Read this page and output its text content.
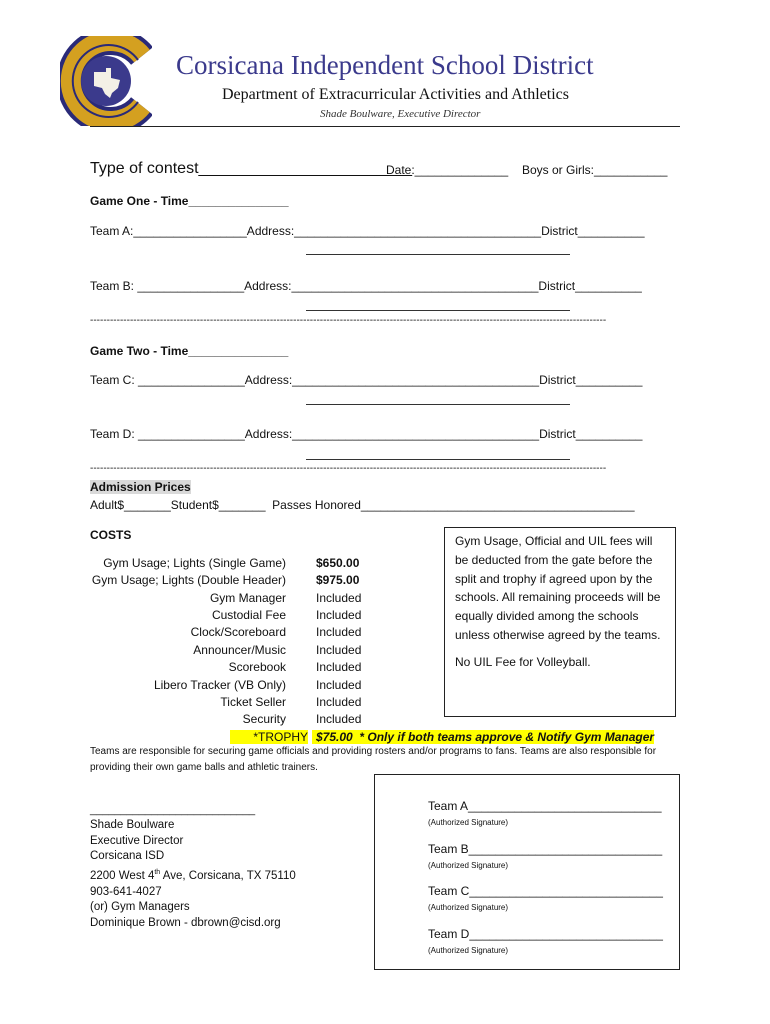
Corsicana Independent School District
Department of Extracurricular Activities and Athletics
Shade Boulware, Executive Director
Type of contest________________________
Date:______________ Boys or Girls:___________
Game One - Time_______________
Team A:_________________Address:_____________________________________District__________
Team B: ________________Address:_____________________________________District__________
-----------------------------------------------------------------------------------------------------------------------------------------------------------
Game Two - Time_______________
Team C: ________________Address:_____________________________________District__________
Team D: ________________Address:_____________________________________District__________
-----------------------------------------------------------------------------------------------------------------------------------------------------------
Admission Prices
Adult$_______Student$_______  Passes Honored_________________________________________
COSTS
Gym Usage; Lights (Single Game)	$650.00
Gym Usage; Lights (Double Header)	$975.00
Gym Manager	Included
Custodial Fee	Included
Clock/Scoreboard	Included
Announcer/Music	Included
Scorebook	Included
Libero Tracker (VB Only)	Included
Ticket Seller	Included
Security	Included
*TROPHY $75.00  * Only if both teams approve & Notify Gym Manager
Gym Usage, Official and UIL fees will be deducted from the gate before the split and trophy if agreed upon by the schools. All remaining proceeds will be equally divided among the schools unless otherwise agreed by the teams.
No UIL Fee for Volleyball.
Teams are responsible for securing game officials and providing rosters and/or programs to fans. Teams are also responsible for providing their own game balls and athletic trainers.
___________________________
Shade Boulware
Executive Director
Corsicana ISD
2200 West 4th Ave, Corsicana, TX 75110
903-641-4027
(or) Gym Managers
Dominique Brown - dbrown@cisd.org
Team A_____________________________
(Authorized Signature)
Team B_____________________________
(Authorized Signature)
Team C_____________________________
(Authorized Signature)
Team D_____________________________
(Authorized Signature)
